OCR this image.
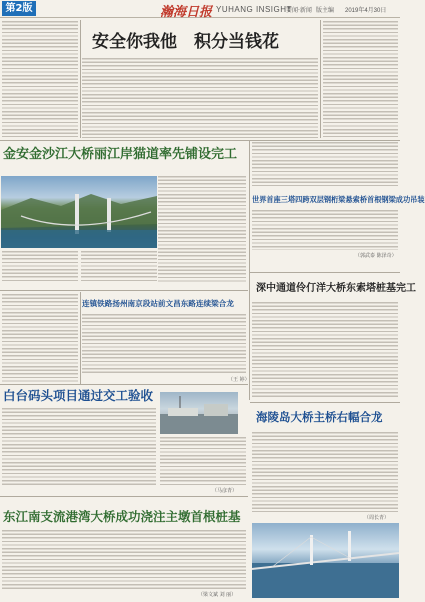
第2版	瀚海日报 YUHANG INSIGHT
要闻·新闻 版主编 2019年4月30日
安全你我他　积分当钱花
金安金沙江大桥丽江岸猫道率先铺设完工
世界首座三塔四跨双层钢桁梁悬索桥首根钢梁成功吊装
（郭武泰 陈泽奇）
连镇铁路扬州南京段站前文昌东路连续梁合龙
（王 婷）
深中通道伶仃洋大桥东索塔桩基完工
白台码头项目通过交工验收
（马彦青）
海陵岛大桥主桥右幅合龙
（周长青）
东江南支流港湾大桥成功浇注主墩首根桩基
（梁文斌 刘 丽）
